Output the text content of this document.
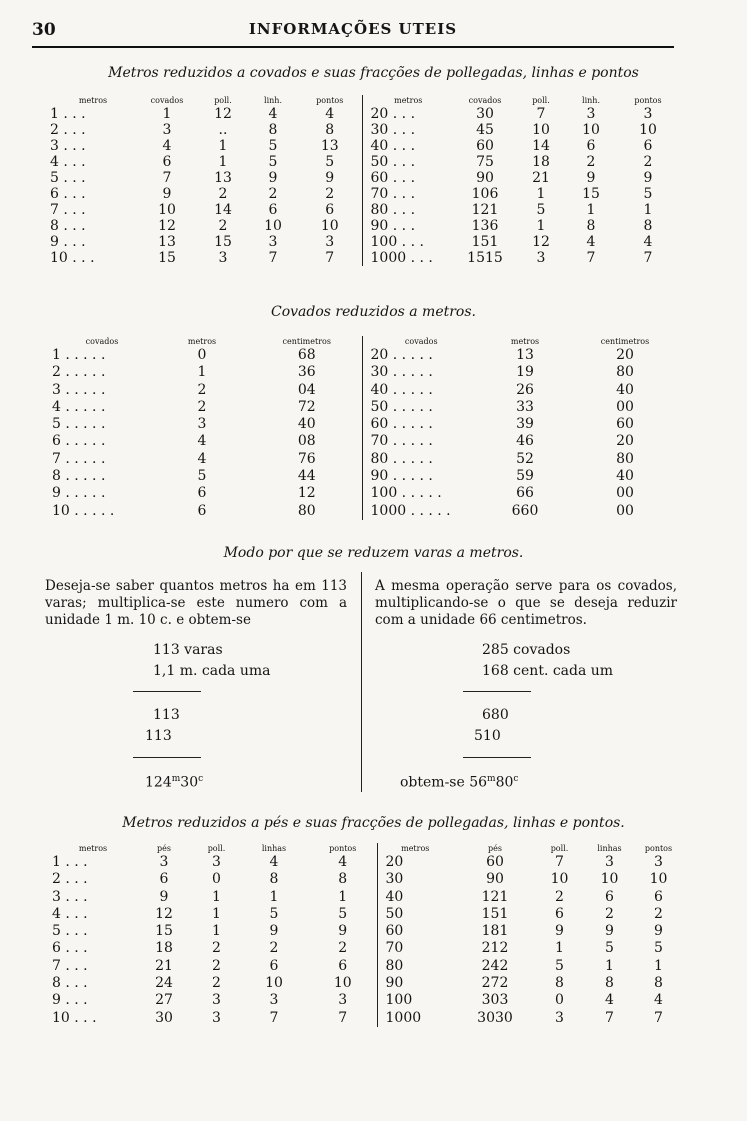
30	INFORMAÇÕES UTEIS
Metros reduzidos a covados e suas fracções de pollegadas, linhas e pontos
metros	covados	poll.	linh.	pontos	metros	covados	poll.	linh.	pontos
1 . . .	1	12	4	4	20 . . .	30	7	3	3
2 . . .	3	..	8	8	30 . . .	45	10	10	10
3 . . .	4	1	5	13	40 . . .	60	14	6	6
4 . . .	6	1	5	5	50 . . .	75	18	2	2
5 . . .	7	13	9	9	60 . . .	90	21	9	9
6 . . .	9	2	2	2	70 . . .	106	1	15	5
7 . . .	10	14	6	6	80 . . .	121	5	1	1
8 . . .	12	2	10	10	90 . . .	136	1	8	8
9 . . .	13	15	3	3	100 . . .	151	12	4	4
10 . . .	15	3	7	7	1000 . . .	1515	3	7	7
Covados reduzidos a metros.
covados	metros	centimetros	covados	metros	centimetros
1 . . . . .	0	68	20 . . . . .	13	20
2 . . . . .	1	36	30 . . . . .	19	80
3 . . . . .	2	04	40 . . . . .	26	40
4 . . . . .	2	72	50 . . . . .	33	00
5 . . . . .	3	40	60 . . . . .	39	60
6 . . . . .	4	08	70 . . . . .	46	20
7 . . . . .	4	76	80 . . . . .	52	80
8 . . . . .	5	44	90 . . . . .	59	40
9 . . . . .	6	12	100 . . . . .	66	00
10 . . . . .	6	80	1000 . . . . .	660	00
Modo por que se reduzem varas a metros.
Deseja-se saber quantos metros ha em 113 varas; multiplica-se este numero com a unidade 1 m. 10 c. e obtem-se
113 varas
1,1 m. cada uma
113
113
124$^m$30$^c$
A mesma operação serve para os covados, multiplicando-se o que se deseja reduzir com a unidade 66 centimetros.
285 covados
168 cent. cada um
680
510
obtem-se 56$^m$80$^c$
Metros reduzidos a pés e suas fracções de pollegadas, linhas e pontos.
metros	pés	poll.	linhas	pontos	metros	pés	poll.	linhas	pontos
1 . . .	3	3	4	4	20	60	7	3	3
2 . . .	6	0	8	8	30	90	10	10	10
3 . . .	9	1	1	1	40	121	2	6	6
4 . . .	12	1	5	5	50	151	6	2	2
5 . . .	15	1	9	9	60	181	9	9	9
6 . . .	18	2	2	2	70	212	1	5	5
7 . . .	21	2	6	6	80	242	5	1	1
8 . . .	24	2	10	10	90	272	8	8	8
9 . . .	27	3	3	3	100	303	0	4	4
10 . . .	30	3	7	7	1000	3030	3	7	7
